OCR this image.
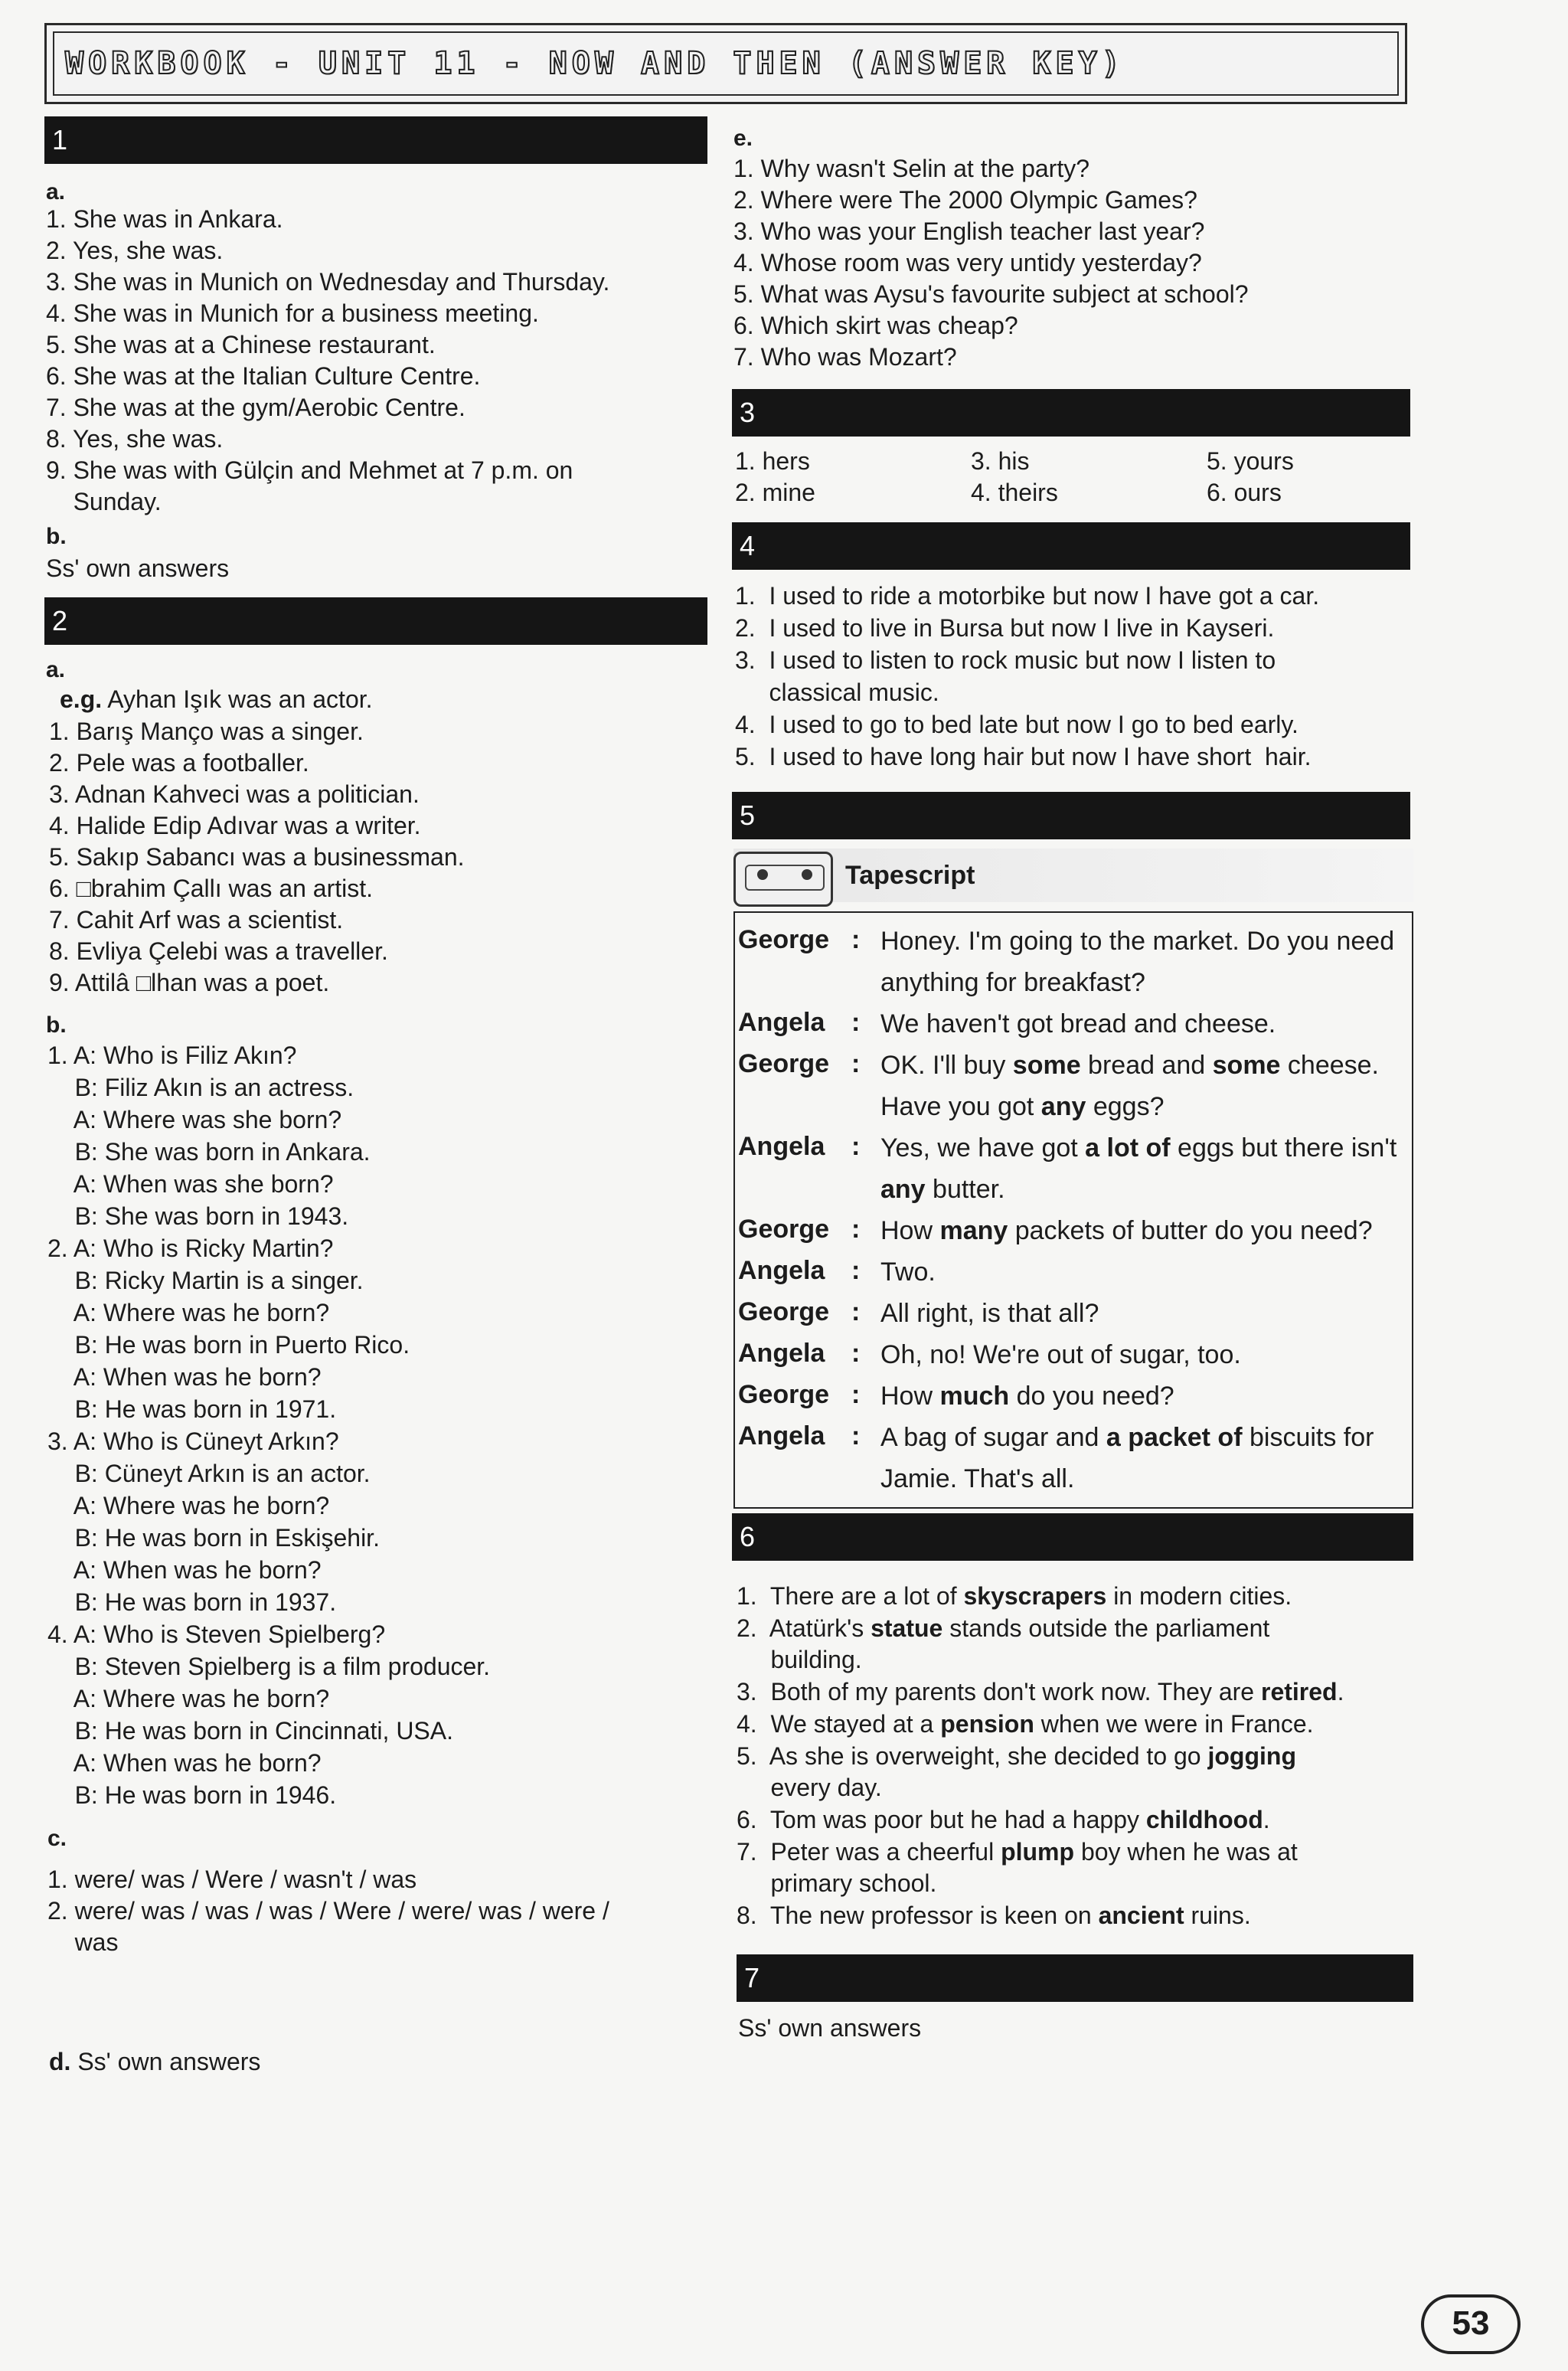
WORKBOOK - UNIT 11 - NOW AND THEN (ANSWER KEY)
1
a.
1. She was in Ankara.
2. Yes, she was.
3. She was in Munich on Wednesday and Thursday.
4. She was in Munich for a business meeting.
5. She was at a Chinese restaurant.
6. She was at the Italian Culture Centre.
7. She was at the gym/Aerobic Centre.
8. Yes, she was.
9. She was with Gülçin and Mehmet at 7 p.m. on
Sunday.
b.
Ss' own answers
2
a.
e.g. Ayhan Işık was an actor.
1. Barış Manço was a singer.
2. Pele was a footballer.
3. Adnan Kahveci was a politician.
4. Halide Edip Adıvar was a writer.
5. Sakıp Sabancı was a businessman.
6. □brahim Çallı was an artist.
7. Cahit Arf was a scientist.
8. Evliya Çelebi was a traveller.
9. Attilâ □lhan was a poet.
b.
1. A: Who is Filiz Akın?
B: Filiz Akın is an actress.
A: Where was she born?
B: She was born in Ankara.
A: When was she born?
B: She was born in 1943.
2. A: Who is Ricky Martin?
B: Ricky Martin is a singer.
A: Where was he born?
B: He was born in Puerto Rico.
A: When was he born?
B: He was born in 1971.
3. A: Who is Cüneyt Arkın?
B: Cüneyt Arkın is an actor.
A: Where was he born?
B: He was born in Eskişehir.
A: When was he born?
B: He was born in 1937.
4. A: Who is Steven Spielberg?
B: Steven Spielberg is a film producer.
A: Where was he born?
B: He was born in Cincinnati, USA.
A: When was he born?
B: He was born in 1946.
c.
1. were/ was / Were / wasn't / was
2. were/ was / was / was / Were / were/ was / were /
was
d. Ss' own answers
e.
1. Why wasn't Selin at the party?
2. Where were The 2000 Olympic Games?
3. Who was your English teacher last year?
4. Whose room was very untidy yesterday?
5. What was Aysu's favourite subject at school?
6. Which skirt was cheap?
7. Who was Mozart?
3
1. hers
2. mine
3. his
4. theirs
5. yours
6. ours
4
1.  I used to ride a motorbike but now I have got a car.
2.  I used to live in Bursa but now I live in Kayseri.
3.  I used to listen to rock music but now I listen to
classical music.
4.  I used to go to bed late but now I go to bed early.
5.  I used to have long hair but now I have short  hair.
5
Tapescript
George : Honey. I'm going to the market. Do you need anything for breakfast?
Angela : We haven't got bread and cheese.
George : OK. I'll buy some bread and some cheese. Have you got any eggs?
Angela : Yes, we have got a lot of eggs but there isn't any butter.
George : How many packets of butter do you need?
Angela : Two.
George : All right, is that all?
Angela : Oh, no! We're out of sugar, too.
George : How much do you need?
Angela : A bag of sugar and a packet of biscuits for Jamie. That's all.
6
1.  There are a lot of skyscrapers in modern cities.
2.  Atatürk's statue stands outside the parliament
building.
3.  Both of my parents don't work now. They are retired.
4.  We stayed at a pension when we were in France.
5.  As she is overweight, she decided to go jogging
every day.
6.  Tom was poor but he had a happy childhood.
7.  Peter was a cheerful plump boy when he was at
primary school.
8.  The new professor is keen on ancient ruins.
7
Ss' own answers
53
